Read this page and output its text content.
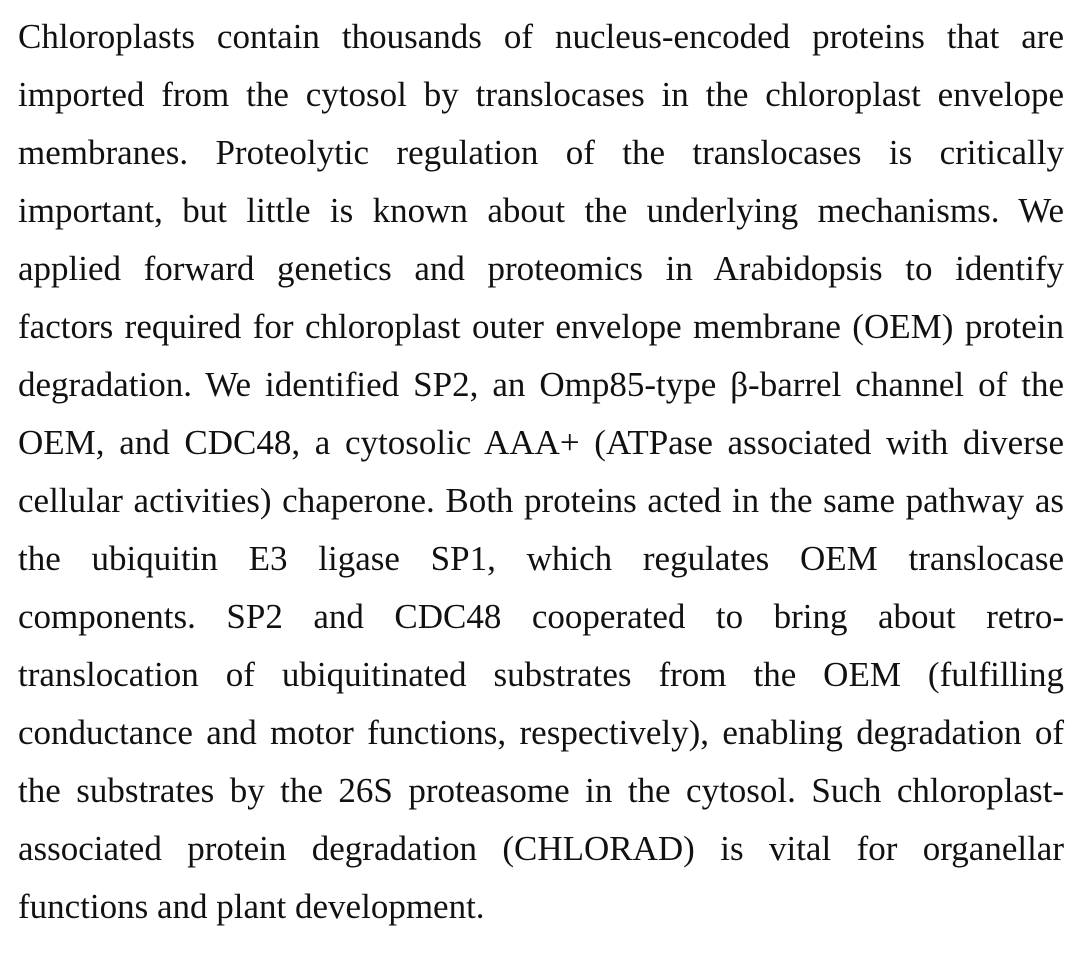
Chloroplasts contain thousands of nucleus-encoded proteins that are
imported from the cytosol by translocases in the chloroplast envelope
membranes. Proteolytic regulation of the translocases is critically
important, but little is known about the underlying mechanisms. We
applied forward genetics and proteomics in Arabidopsis to identify
factors required for chloroplast outer envelope membrane (OEM) protein
degradation. We identified SP2, an Omp85-type β-barrel channel of the
OEM, and CDC48, a cytosolic AAA+ (ATPase associated with diverse
cellular activities) chaperone. Both proteins acted in the same pathway as
the ubiquitin E3 ligase SP1, which regulates OEM translocase
components. SP2 and CDC48 cooperated to bring about retro-
translocation of ubiquitinated substrates from the OEM (fulfilling
conductance and motor functions, respectively), enabling degradation of
the substrates by the 26S proteasome in the cytosol. Such chloroplast-
associated protein degradation (CHLORAD) is vital for organellar
functions and plant development.
